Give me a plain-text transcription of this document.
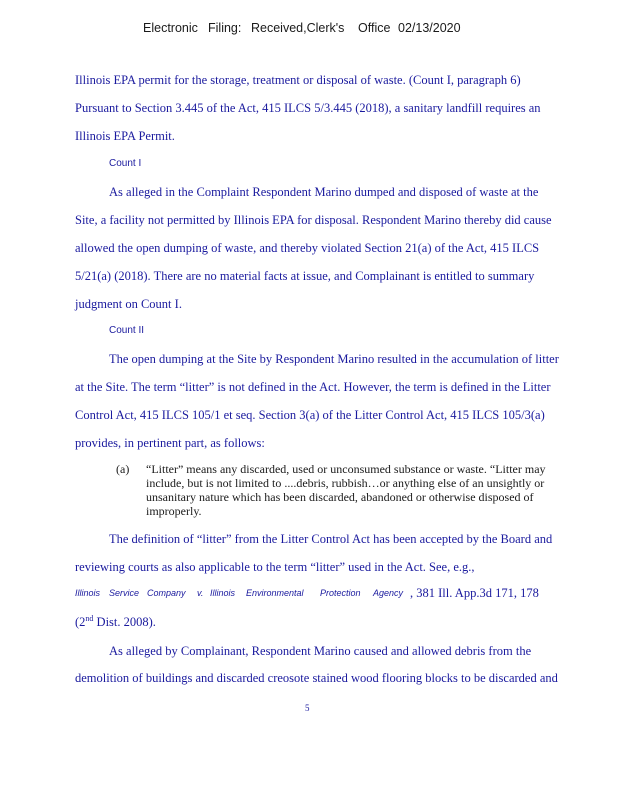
Electronic Filing: Received,Clerk's Office 02/13/2020
Illinois EPA permit for the storage, treatment or disposal of waste. (Count I, paragraph 6)
Pursuant to Section 3.445 of the Act, 415 ILCS 5/3.445 (2018), a sanitary landfill requires an
Illinois EPA Permit.
Count I
As alleged in the Complaint Respondent Marino dumped and disposed of waste at the
Site, a facility not permitted by Illinois EPA for disposal. Respondent Marino thereby did cause
allowed the open dumping of waste, and thereby violated Section 21(a) of the Act, 415 ILCS
5/21(a) (2018). There are no material facts at issue, and Complainant is entitled to summary
judgment on Count I.
Count II
The open dumping at the Site by Respondent Marino resulted in the accumulation of litter
at the Site. The term “litter” is not defined in the Act. However, the term is defined in the Litter
Control Act, 415 ILCS 105/1 et seq. Section 3(a) of the Litter Control Act, 415 ILCS 105/3(a)
provides, in pertinent part, as follows:
(a) “Litter” means any discarded, used or unconsumed substance or waste. “Litter may include, but is not limited to ....debris, rubbish…or anything else of an unsightly or unsanitary nature which has been discarded, abandoned or otherwise disposed of improperly.
The definition of “litter” from the Litter Control Act has been accepted by the Board and
reviewing courts as also applicable to the term “litter” used in the Act. See, e.g.,
Illinois Service Company v. Illinois Environmental Protection Agency , 381 Ill. App.3d 171, 178
(2nd Dist. 2008).
As alleged by Complainant, Respondent Marino caused and allowed debris from the
demolition of buildings and discarded creosote stained wood flooring blocks to be discarded and
5
